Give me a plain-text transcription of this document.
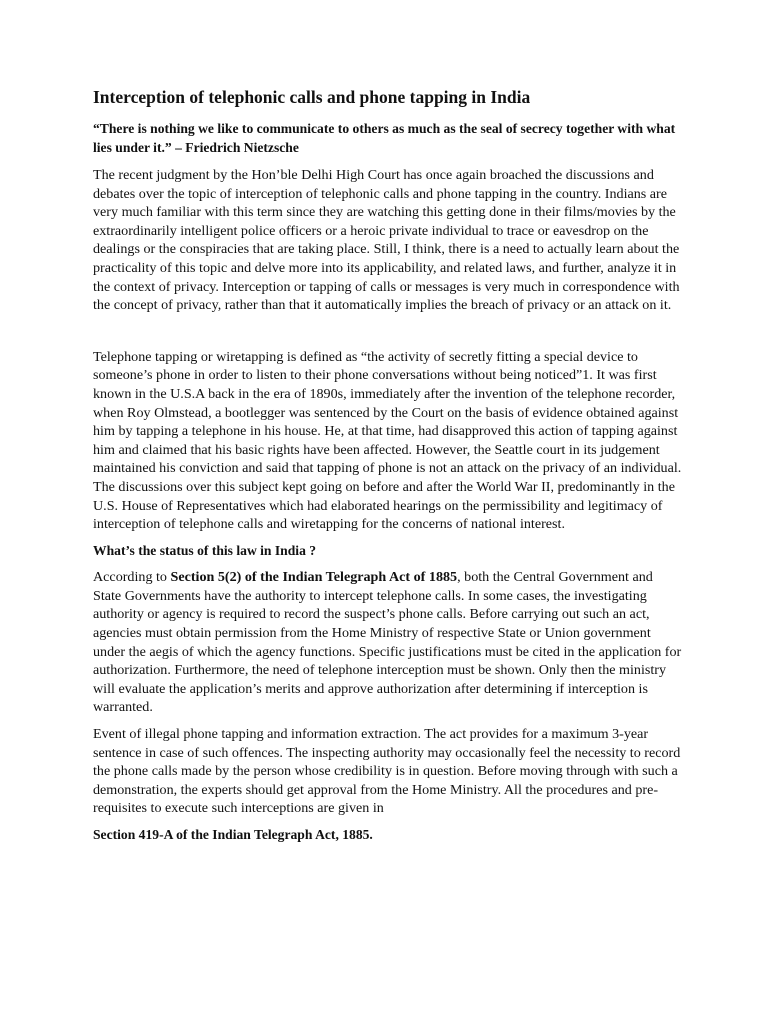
Interception of telephonic calls and phone tapping in India

“There is nothing we like to communicate to others as much as the seal of secrecy together with what lies under it.” – Friedrich Nietzsche

The recent judgment by the Hon’ble Delhi High Court has once again broached the discussions and debates over the topic of interception of telephonic calls and phone tapping in the country. Indians are very much familiar with this term since they are watching this getting done in their films/movies by the extraordinarily intelligent police officers or a heroic private individual to trace or eavesdrop on the dealings or the conspiracies that are taking place. Still, I think, there is a need to actually learn about the practicality of this topic and delve more into its applicability, and related laws, and further, analyze it in the context of privacy. Interception or tapping of calls or messages is very much in correspondence with the concept of privacy, rather than that it automatically implies the breach of privacy or an attack on it.

Telephone tapping or wiretapping is defined as “the activity of secretly fitting a special device to someone’s phone in order to listen to their phone conversations without being noticed”1. It was first known in the U.S.A back in the era of 1890s, immediately after the invention of the telephone recorder, when Roy Olmstead, a bootlegger was sentenced by the Court on the basis of evidence obtained against him by tapping a telephone in his house. He, at that time, had disapproved this action of tapping against him and claimed that his basic rights have been affected. However, the Seattle court in its judgement maintained his conviction and said that tapping of phone is not an attack on the privacy of an individual. The discussions over this subject kept going on before and after the World War II, predominantly in the U.S. House of Representatives which had elaborated hearings on the permissibility and legitimacy of interception of telephone calls and wiretapping for the concerns of national interest.

What’s the status of this law in India ?

According to Section 5(2) of the Indian Telegraph Act of 1885, both the Central Government and State Governments have the authority to intercept telephone calls. In some cases, the investigating authority or agency is required to record the suspect’s phone calls. Before carrying out such an act, agencies must obtain permission from the Home Ministry of respective State or Union government under the aegis of which the agency functions. Specific justifications must be cited in the application for authorization. Furthermore, the need of telephone interception must be shown. Only then the ministry will evaluate the application’s merits and approve authorization after determining if interception is warranted.

Event of illegal phone tapping and information extraction. The act provides for a maximum 3-year sentence in case of such offences. The inspecting authority may occasionally feel the necessity to record the phone calls made by the person whose credibility is in question. Before moving through with such a demonstration, the experts should get approval from the Home Ministry. All the procedures and pre-requisites to execute such interceptions are given in

Section 419-A of the Indian Telegraph Act, 1885.
